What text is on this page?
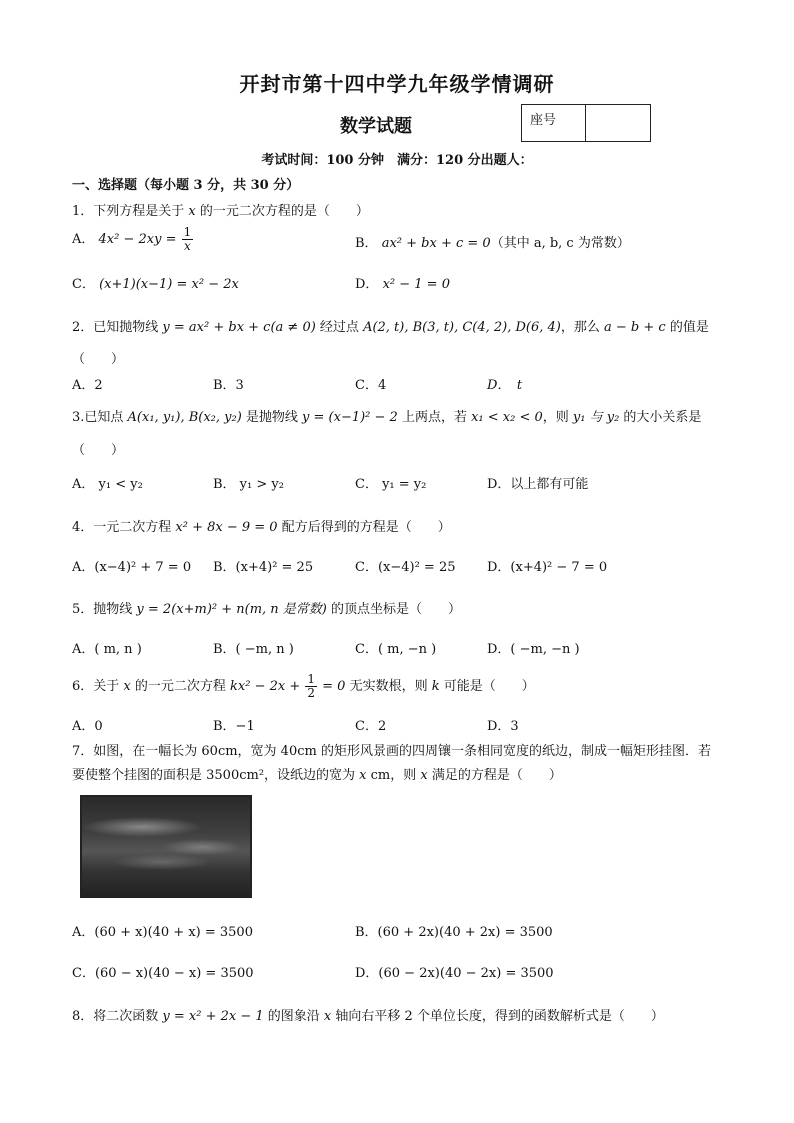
开封市第十四中学九年级学情调研
数学试题	座号
考试时间：100 分钟　满分：120 分出题人：
一、选择题（每小题 3 分，共 30 分）
1．下列方程是关于 x 的一元二次方程的是（　　）
A． $4x^2 - 2xy = \frac{1}{x}$	B． ax² + bx + c = 0（其中 a, b, c 为常数）
C． (x+1)(x−1) = x² − 2x	D． x² − 1 = 0
2．已知抛物线 y = ax² + bx + c(a ≠ 0) 经过点 A(2, t), B(3, t), C(4, 2), D(6, 4)，那么 a − b + c 的值是
（　　）
A．2	B．3	C．4	D．　t
3.已知点 A(x₁, y₁), B(x₂, y₂) 是抛物线 y = (x−1)² − 2 上两点，若 x₁ < x₂ < 0，则 y₁ 与 y₂ 的大小关系是
（　　）
A． y₁ < y₂	B． y₁ > y₂	C． y₁ = y₂	D．以上都有可能
4．一元二次方程 x² + 8x − 9 = 0 配方后得到的方程是（　　）
A．(x−4)² + 7 = 0 B．(x+4)² = 25	C．(x−4)² = 25 D．(x+4)² − 7 = 0
5．抛物线 y = 2(x+m)² + n(m, n 是常数) 的顶点坐标是（　　）
A．( m, n )	B．( −m, n )	C．( m, −n )	D．( −m, −n )
6．关于 x 的一元二次方程 $kx^2 - 2x + \frac{1}{2} = 0$ 无实数根，则 k 可能是（　　）
A．0	B．−1	C．2	D．3
7．如图，在一幅长为 60cm，宽为 40cm 的矩形风景画的四周镶一条相同宽度的纸边，制成一幅矩形挂图．若
要使整个挂图的面积是 3500cm²，设纸边的宽为 x cm，则 x 满足的方程是（　　）
A．(60 + x)(40 + x) = 3500	B．(60 + 2x)(40 + 2x) = 3500
C．(60 − x)(40 − x) = 3500	D．(60 − 2x)(40 − 2x) = 3500
8．将二次函数 y = x² + 2x − 1 的图象沿 x 轴向右平移 2 个单位长度，得到的函数解析式是（　　）
